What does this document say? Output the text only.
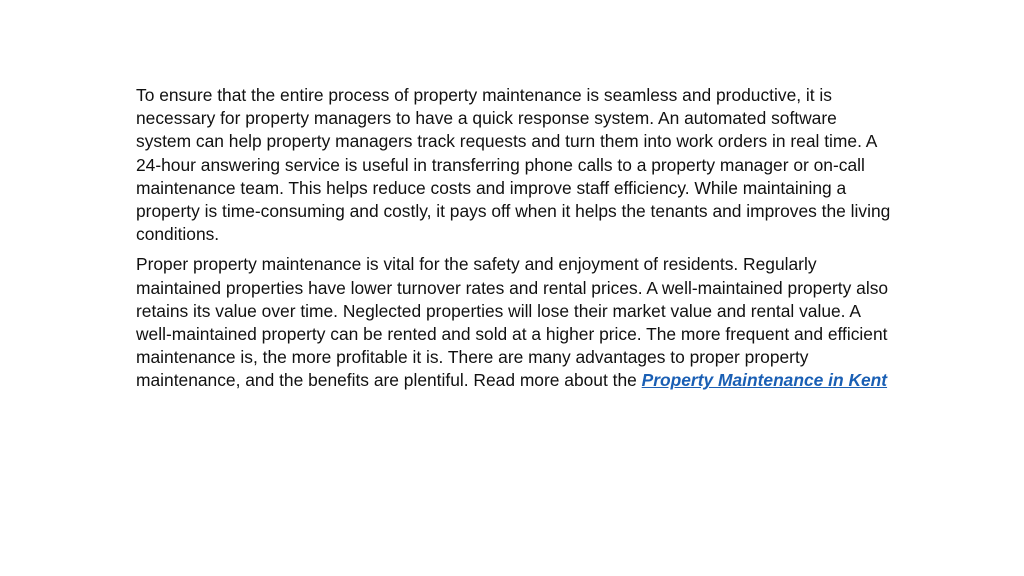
To ensure that the entire process of property maintenance is seamless and productive, it is necessary for property managers to have a quick response system. An automated software system can help property managers track requests and turn them into work orders in real time. A 24-hour answering service is useful in transferring phone calls to a property manager or on-call maintenance team. This helps reduce costs and improve staff efficiency. While maintaining a property is time-consuming and costly, it pays off when it helps the tenants and improves the living conditions.

Proper property maintenance is vital for the safety and enjoyment of residents. Regularly maintained properties have lower turnover rates and rental prices. A well-maintained property also retains its value over time. Neglected properties will lose their market value and rental value. A well-maintained property can be rented and sold at a higher price. The more frequent and efficient maintenance is, the more profitable it is. There are many advantages to proper property maintenance, and the benefits are plentiful. Read more about the Property Maintenance in Kent
